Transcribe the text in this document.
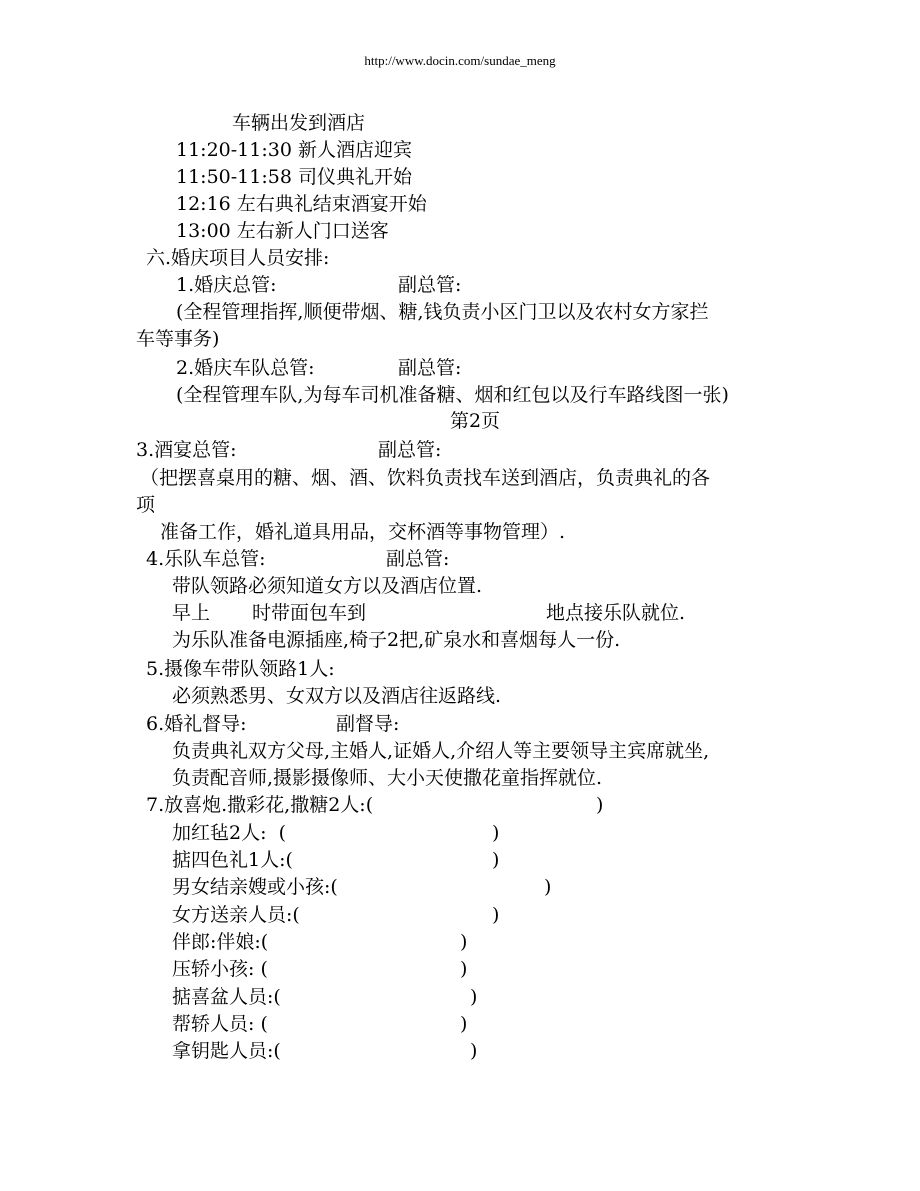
http://www.docin.com/sundae_meng
车辆出发到酒店
11:20-11:30 新人酒店迎宾
11:50-11:58 司仪典礼开始
12:16 左右典礼结束酒宴开始
13:00 左右新人门口送客
六.婚庆项目人员安排:
1.婚庆总管:	副总管:
(全程管理指挥,顺便带烟、糖,钱负责小区门卫以及农村女方家拦
车等事务)
2.婚庆车队总管:	副总管:
(全程管理车队,为每车司机准备糖、烟和红包以及行车路线图一张)
第2页
3.酒宴总管:	副总管:
（把摆喜桌用的糖、烟、酒、饮料负责找车送到酒店，负责典礼的各
项
准备工作，婚礼道具用品，交杯酒等事物管理）.
4.乐队车总管:	副总管:
带队领路必须知道女方以及酒店位置.
早上 时带面包车到	地点接乐队就位.
为乐队准备电源插座,椅子2把,矿泉水和喜烟每人一份.
5.摄像车带队领路1人:
必须熟悉男、女双方以及酒店往返路线.
6.婚礼督导:	副督导:
负责典礼双方父母,主婚人,证婚人,介绍人等主要领导主宾席就坐,
负责配音师,摄影摄像师、大小天使撒花童指挥就位.
7.放喜炮.撒彩花,撒糖2人:(	)
加红毡2人:  (	)
掂四色礼1人:(	)
男女结亲嫂或小孩:(	)
女方送亲人员:(	)
伴郎:伴娘:(	)
压轿小孩: (	)
掂喜盆人员:(	)
帮轿人员: (	)
拿钥匙人员:(	)
